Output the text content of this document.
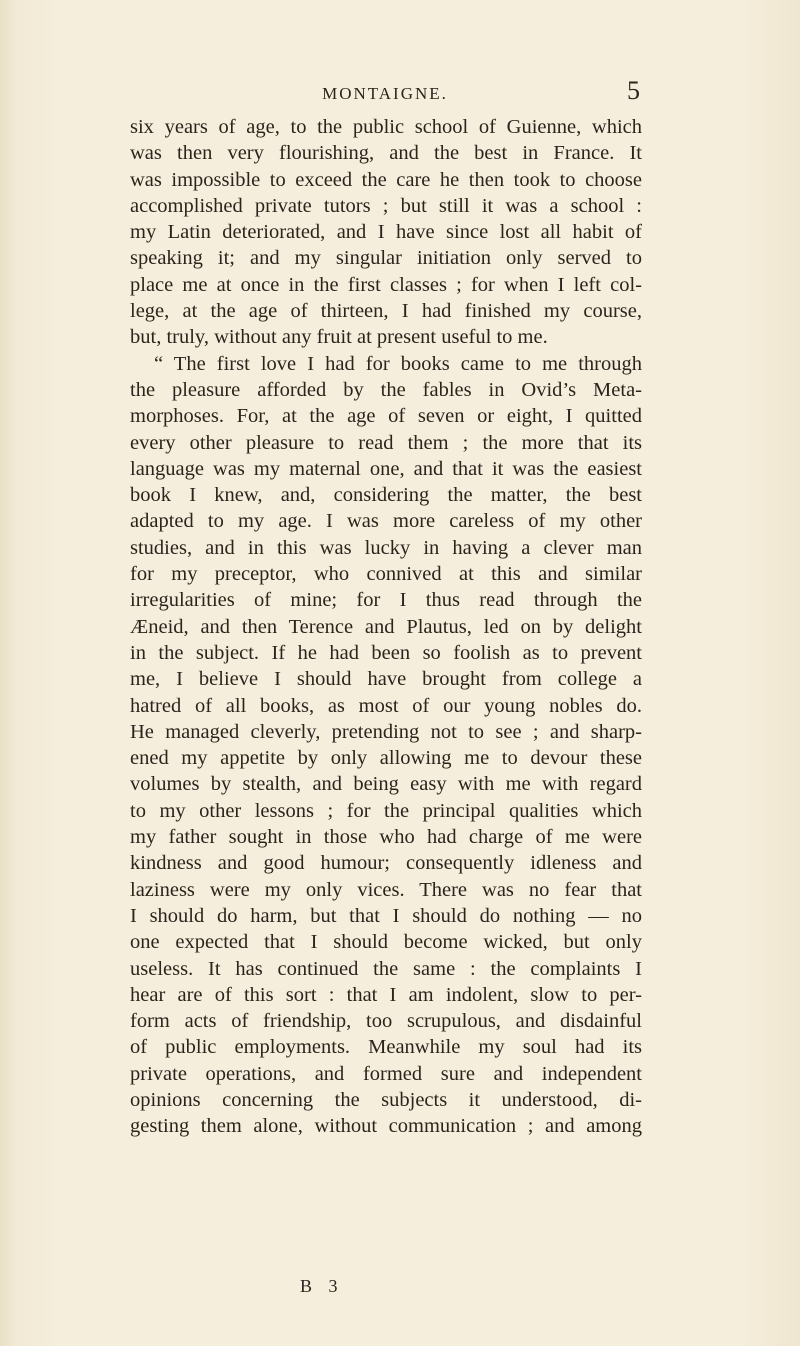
MONTAIGNE.	5
six years of age, to the public school of Guienne, which
was then very flourishing, and the best in France. It
was impossible to exceed the care he then took to choose
accomplished private tutors ; but still it was a school :
my Latin deteriorated, and I have since lost all habit of
speaking it; and my singular initiation only served to
place me at once in the first classes ; for when I left col-
lege, at the age of thirteen, I had finished my course,
but, truly, without any fruit at present useful to me.
“ The first love I had for books came to me through
the pleasure afforded by the fables in Ovid’s Meta-
morphoses. For, at the age of seven or eight, I quitted
every other pleasure to read them ; the more that its
language was my maternal one, and that it was the easiest
book I knew, and, considering the matter, the best
adapted to my age. I was more careless of my other
studies, and in this was lucky in having a clever man
for my preceptor, who connived at this and similar
irregularities of mine; for I thus read through the
Æneid, and then Terence and Plautus, led on by delight
in the subject. If he had been so foolish as to prevent
me, I believe I should have brought from college a
hatred of all books, as most of our young nobles do.
He managed cleverly, pretending not to see ; and sharp-
ened my appetite by only allowing me to devour these
volumes by stealth, and being easy with me with regard
to my other lessons ; for the principal qualities which
my father sought in those who had charge of me were
kindness and good humour; consequently idleness and
laziness were my only vices. There was no fear that
I should do harm, but that I should do nothing — no
one expected that I should become wicked, but only
useless. It has continued the same : the complaints I
hear are of this sort : that I am indolent, slow to per-
form acts of friendship, too scrupulous, and disdainful
of public employments. Meanwhile my soul had its
private operations, and formed sure and independent
opinions concerning the subjects it understood, di-
gesting them alone, without communication ; and among
B 3
